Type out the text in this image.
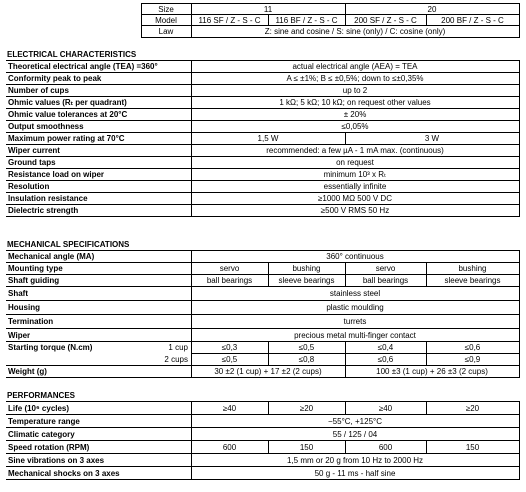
Size	11	20
Model	116 SF / Z - S - C	116 BF / Z - S - C	200 SF / Z - S - C	200 BF / Z - S - C
Law	Z: sine and cosine / S: sine (only) / C: cosine (only)
ELECTRICAL CHARACTERISTICS
Theoretical electrical angle (TEA) =360°	actual electrical angle (AEA) = TEA
Conformity peak to peak	A ≤ ±1%; B ≤ ±0,5%; down to ≤±0,35%
Number of cups	up to 2
Ohmic values (Rₜ per quadrant)	1 kΩ; 5 kΩ; 10 kΩ; on request other values
Ohmic value tolerances at 20°C	± 20%
Output smoothness	≤0,05%
Maximum power rating at 70°C	1,5 W	3 W
Wiper current	recommended: a few µA - 1 mA max. (continuous)
Ground taps	on request
Resistance load on wiper	minimum 10³ x Rₜ
Resolution	essentially infinite
Insulation resistance	≥1000 MΩ 500 V DC
Dielectric strength	≥500 V RMS 50 Hz
MECHANICAL SPECIFICATIONS
Mechanical angle (MA)	360° continuous
Mounting type	servo	bushing	servo	bushing
Shaft guiding	ball bearings	sleeve bearings	ball bearings	sleeve bearings
Shaft	stainless steel
Housing	plastic moulding
Termination	turrets
Wiper	precious metal multi-finger contact
Starting torque (N.cm)	1 cup	≤0,3	≤0,5	≤0,4	≤0,6
2 cups	≤0,5	≤0,8	≤0,6	≤0,9
Weight (g)	30 ±2 (1 cup) + 17 ±2 (2 cups)	100 ±3 (1 cup) + 26 ±3 (2 cups)
PERFORMANCES
Life (10⁶ cycles)	≥40	≥20	≥40	≥20
Temperature range	−55°C, +125°C
Climatic category	55 / 125 / 04
Speed rotation (RPM)	600	150	600	150
Sine vibrations on 3 axes	1,5 mm or 20 g from 10 Hz to 2000 Hz
Mechanical shocks on 3 axes	50 g - 11 ms - half sine
